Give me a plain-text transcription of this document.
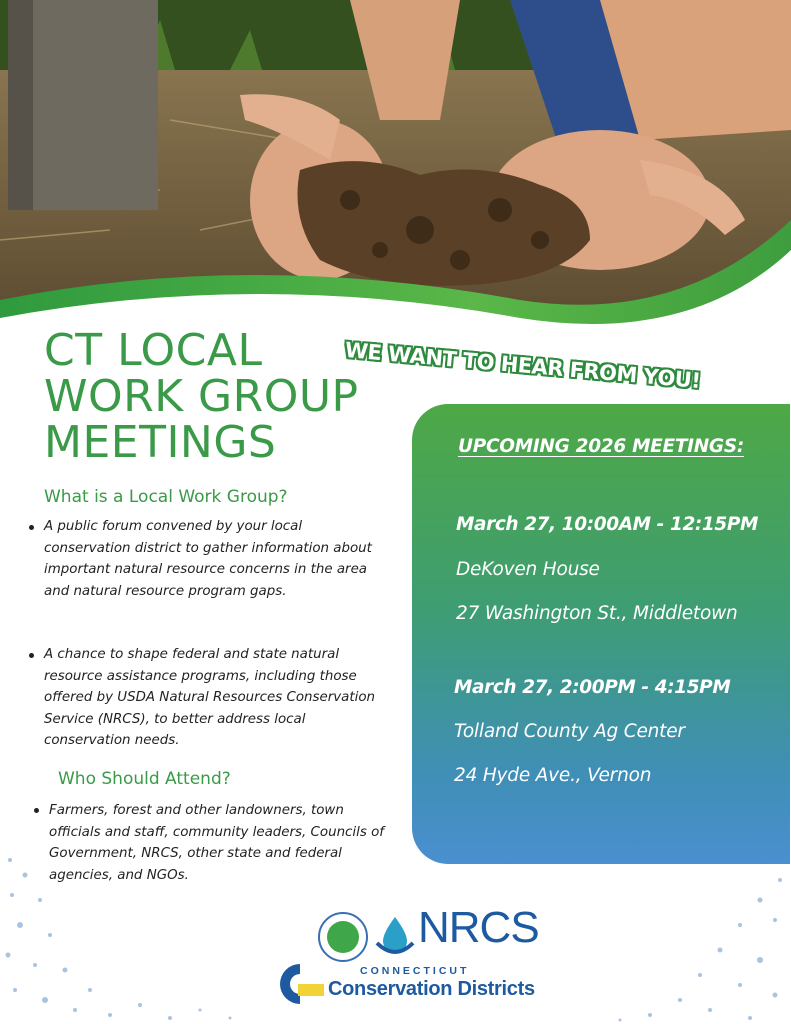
WE WANT TO HEAR FROM YOU!
CT LOCAL
WORK GROUP
MEETINGS
What is a Local Work Group?
A public forum convened by your local conservation district to gather information about important natural resource concerns in the area and natural resource program gaps.
A chance to shape federal and state natural resource assistance programs, including those offered by USDA Natural Resources Conservation Service (NRCS), to better address local conservation needs.
Who Should Attend?
Farmers, forest and other landowners, town officials and staff, community leaders, Councils of Government, NRCS, other state and federal agencies, and NGOs.
UPCOMING 2026 MEETINGS:
March 27, 10:00AM - 12:15PM
DeKoven House
27 Washington St., Middletown
March 27, 2:00PM - 4:15PM
Tolland County Ag Center
24 Hyde Ave., Vernon
NRCS
CONNECTICUT
Conservation Districts
